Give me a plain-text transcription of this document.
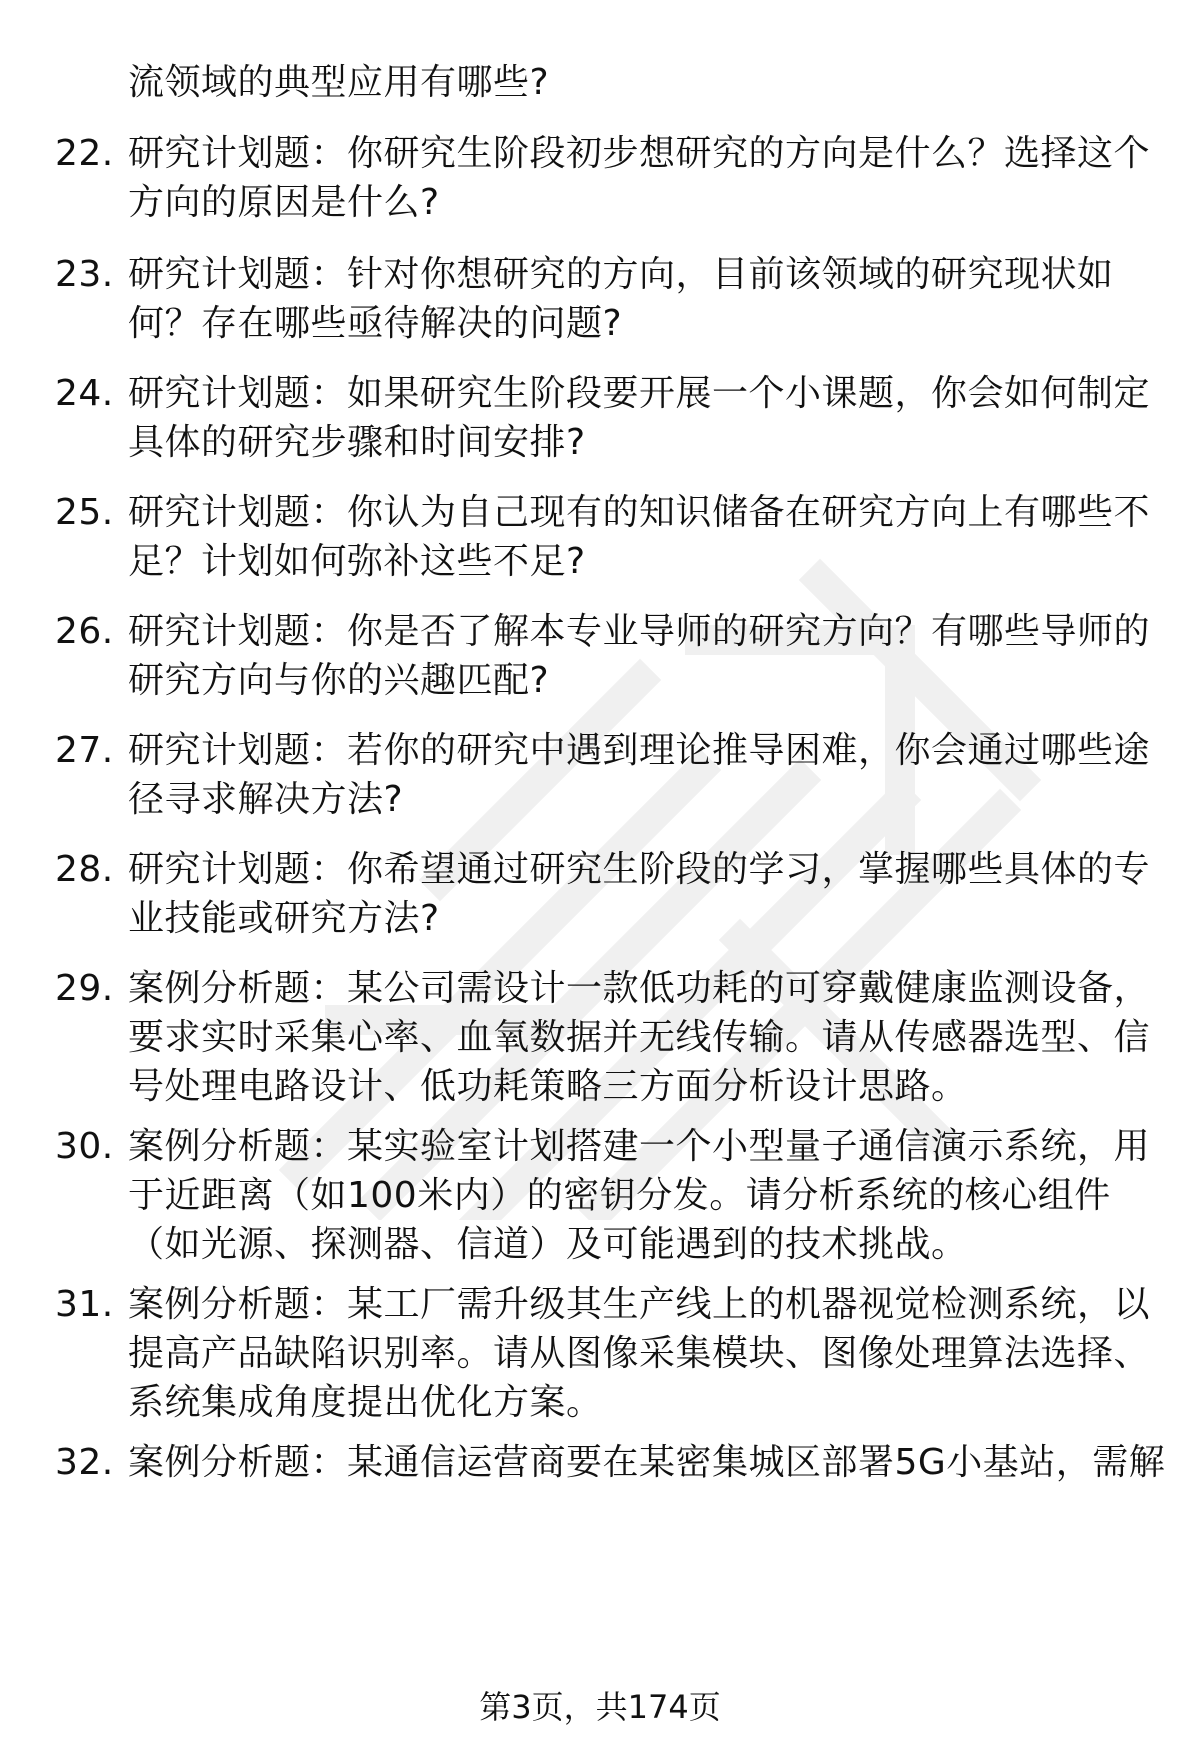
流领域的典型应用有哪些?
22. 研究计划题：你研究生阶段初步想研究的方向是什么？选择这个
方向的原因是什么?
23. 研究计划题：针对你想研究的方向，目前该领域的研究现状如
何？存在哪些亟待解决的问题?
24. 研究计划题：如果研究生阶段要开展一个小课题，你会如何制定
具体的研究步骤和时间安排?
25. 研究计划题：你认为自己现有的知识储备在研究方向上有哪些不
足？计划如何弥补这些不足?
26. 研究计划题：你是否了解本专业导师的研究方向？有哪些导师的
研究方向与你的兴趣匹配?
27. 研究计划题：若你的研究中遇到理论推导困难，你会通过哪些途
径寻求解决方法?
28. 研究计划题：你希望通过研究生阶段的学习，掌握哪些具体的专
业技能或研究方法?
29. 案例分析题：某公司需设计一款低功耗的可穿戴健康监测设备，
要求实时采集心率、血氧数据并无线传输。请从传感器选型、信
号处理电路设计、低功耗策略三方面分析设计思路。
30. 案例分析题：某实验室计划搭建一个小型量子通信演示系统，用
于近距离（如100米内）的密钥分发。请分析系统的核心组件
（如光源、探测器、信道）及可能遇到的技术挑战。
31. 案例分析题：某工厂需升级其生产线上的机器视觉检测系统，以
提高产品缺陷识别率。请从图像采集模块、图像处理算法选择、
系统集成角度提出优化方案。
32. 案例分析题：某通信运营商要在某密集城区部署5G小基站，需解
第3页，共174页
